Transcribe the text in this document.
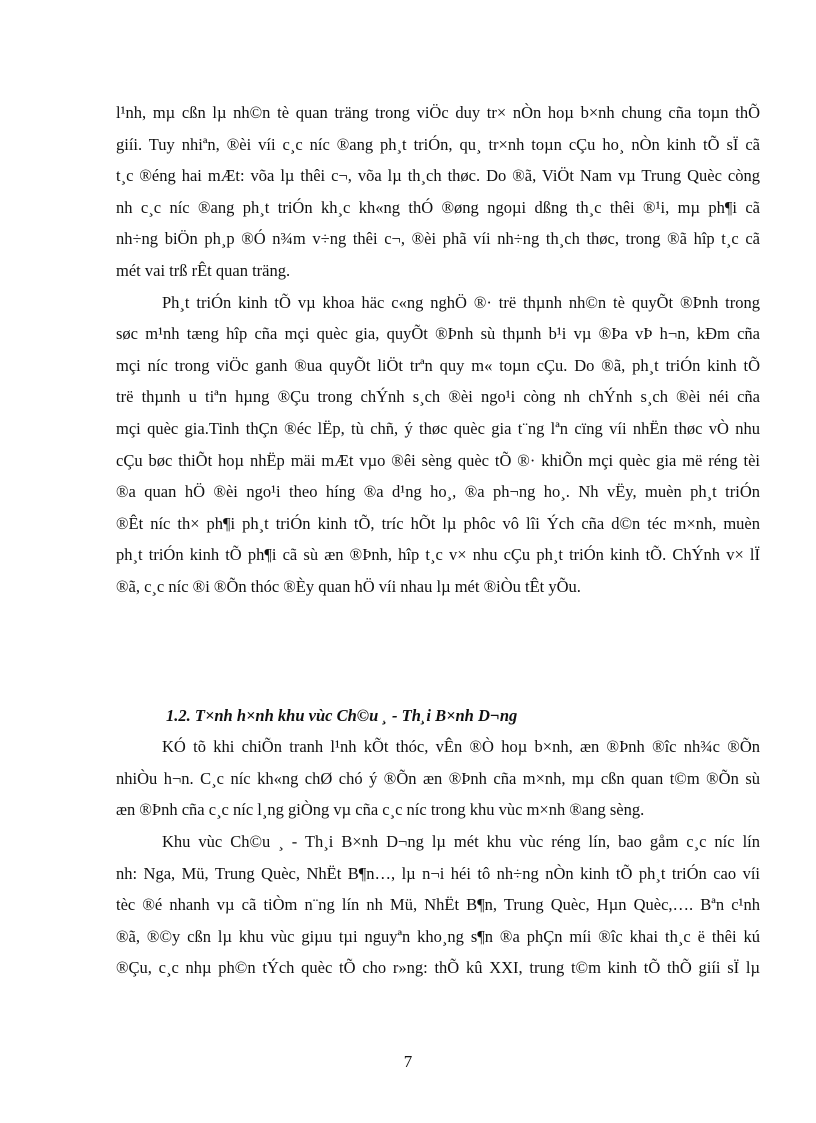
l¹nh, mµ cßn lµ nh©n tè quan träng trong viÖc duy tr× nÒn hoµ b×nh chung cña toµn thÕ
giíi. Tuy nhiªn, ®èi víi c¸c níc ®ang ph¸t triÓn, qu¸ tr×nh toµn cÇu ho¸ nÒn kinh tÕ sÏ cã
t¸c ®éng hai mÆt: võa lµ thêi c¬, võa lµ th¸ch thøc. Do ®ã, ViÖt Nam vµ Trung Quèc còng
nh c¸c níc ®ang ph¸t triÓn kh¸c kh«ng thÓ ®øng ngoµi dßng th¸c thêi ®¹i, mµ ph¶i cã
nh÷ng biÖn ph¸p ®Ó n¾m v÷ng thêi c¬, ®èi phã víi nh÷ng th¸ch thøc, trong ®ã hîp t¸c cã
mét vai trß rÊt quan träng.
Ph¸t triÓn kinh tÕ vµ khoa häc c«ng nghÖ ®· trë thµnh nh©n tè quyÕt ®Þnh trong
søc m¹nh tæng hîp cña mçi quèc gia, quyÕt ®Þnh sù thµnh b¹i vµ ®Þa vÞ h¬n, kÐm cña
mçi níc trong viÖc ganh ®ua quyÕt liÖt trªn quy m« toµn cÇu. Do ®ã, ph¸t triÓn kinh tÕ
trë thµnh u tiªn hµng ®Çu trong chÝnh s¸ch ®èi ngo¹i còng nh chÝnh s¸ch ®èi néi cña
mçi quèc gia.Tinh thÇn ®éc lËp, tù chñ, ý thøc quèc gia t¨ng lªn cïng víi nhËn thøc vÒ nhu
cÇu bøc thiÕt hoµ nhËp mäi mÆt vµo ®êi sèng quèc tÕ ®· khiÕn mçi quèc gia më réng tèi
®a quan hÖ ®èi ngo¹i theo híng ®a d¹ng ho¸, ®a ph¬ng ho¸. Nh vËy, muèn ph¸t triÓn
®Êt níc th× ph¶i ph¸t triÓn kinh tÕ, tríc hÕt lµ phôc vô lîi Ých cña d©n téc m×nh, muèn
ph¸t triÓn kinh tÕ ph¶i cã sù æn ®Þnh, hîp t¸c v× nhu cÇu ph¸t triÓn kinh tÕ. ChÝnh v× lÏ
®ã, c¸c níc ®i ®Õn thóc ®Èy quan hÖ víi nhau lµ mét ®iÒu tÊt yÕu.
1.2. T×nh h×nh khu vùc Ch©u ¸ - Th¸i B×nh D¬ng
KÓ tõ khi chiÕn tranh l¹nh kÕt thóc, vÊn ®Ò hoµ b×nh, æn ®Þnh ®îc nh¾c ®Õn
nhiÒu h¬n. C¸c níc kh«ng chØ chó ý ®Õn æn ®Þnh cña m×nh, mµ cßn quan t©m ®Õn sù
æn ®Þnh cña c¸c níc l¸ng giÒng vµ cña c¸c níc trong khu vùc m×nh ®ang sèng.
Khu vùc Ch©u ¸ - Th¸i B×nh D¬ng lµ mét khu vùc réng lín, bao gåm c¸c níc lín
nh: Nga, Mü, Trung Quèc, NhËt B¶n…, lµ n¬i héi tô nh÷ng nÒn kinh tÕ ph¸t triÓn cao víi
tèc ®é nhanh vµ cã tiÒm n¨ng lín nh Mü, NhËt B¶n, Trung Quèc, Hµn Quèc,…. Bªn c¹nh
®ã, ®©y cßn lµ khu vùc giµu tµi nguyªn kho¸ng s¶n ®a phÇn míi ®îc khai th¸c ë thêi kú
®Çu, c¸c nhµ ph©n tÝch quèc tÕ cho r»ng: thÕ kû XXI, trung t©m kinh tÕ thÕ giíi sÏ lµ
7
